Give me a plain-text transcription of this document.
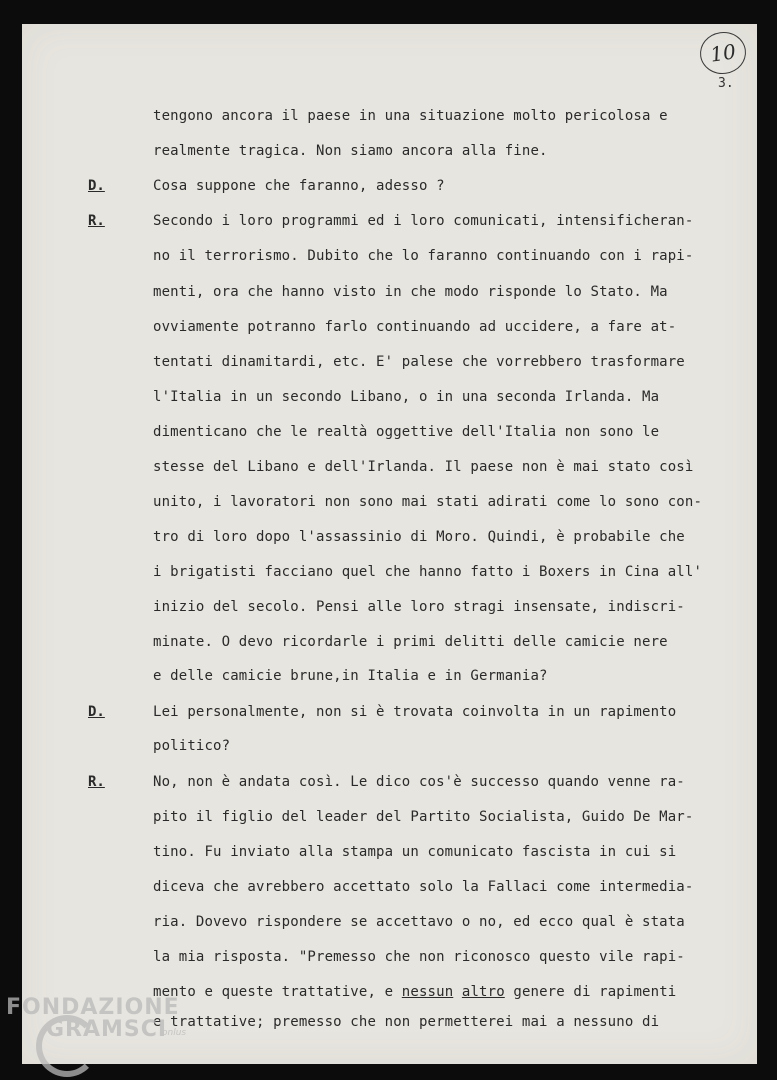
10
3.
tengono ancora il paese in una situazione molto pericolosa e
realmente tragica. Non siamo ancora alla fine.
D.	Cosa suppone che faranno, adesso ?
R.	Secondo i loro programmi ed i loro comunicati, intensificheran-
no il terrorismo. Dubito che lo faranno continuando con i rapi-
menti, ora che hanno visto in che modo risponde lo Stato. Ma
ovviamente potranno farlo continuando ad uccidere, a fare at-
tentati dinamitardi, etc. E' palese che vorrebbero trasformare
l'Italia in un secondo Libano, o in una seconda Irlanda. Ma
dimenticano che le realtà oggettive dell'Italia non sono le
stesse del Libano e dell'Irlanda. Il paese non è mai stato così
unito, i lavoratori non sono mai stati adirati come lo sono con-
tro di loro dopo l'assassinio di Moro. Quindi, è probabile che
i brigatisti facciano quel che hanno fatto i Boxers in Cina all'
inizio del secolo. Pensi alle loro stragi insensate, indiscri-
minate. O devo ricordarle i primi delitti delle camicie nere
e delle camicie brune,in Italia e in Germania?
D.	Lei personalmente, non si è trovata coinvolta in un rapimento
politico?
R.	No, non è andata così. Le dico cos'è successo quando venne ra-
pito il figlio del leader del Partito Socialista, Guido De Mar-
tino. Fu inviato alla stampa un comunicato fascista in cui si
diceva che avrebbero accettato solo la Fallaci come intermedia-
ria. Dovevo rispondere se accettavo o no, ed ecco qual è stata
la mia risposta. "Premesso che non riconosco questo vile rapi-
mento e queste trattative, e nessun altro genere di rapimenti
e trattative; premesso che non permetterei mai a nessuno di
FONDAZIONE
GRAMSCI
onlus
